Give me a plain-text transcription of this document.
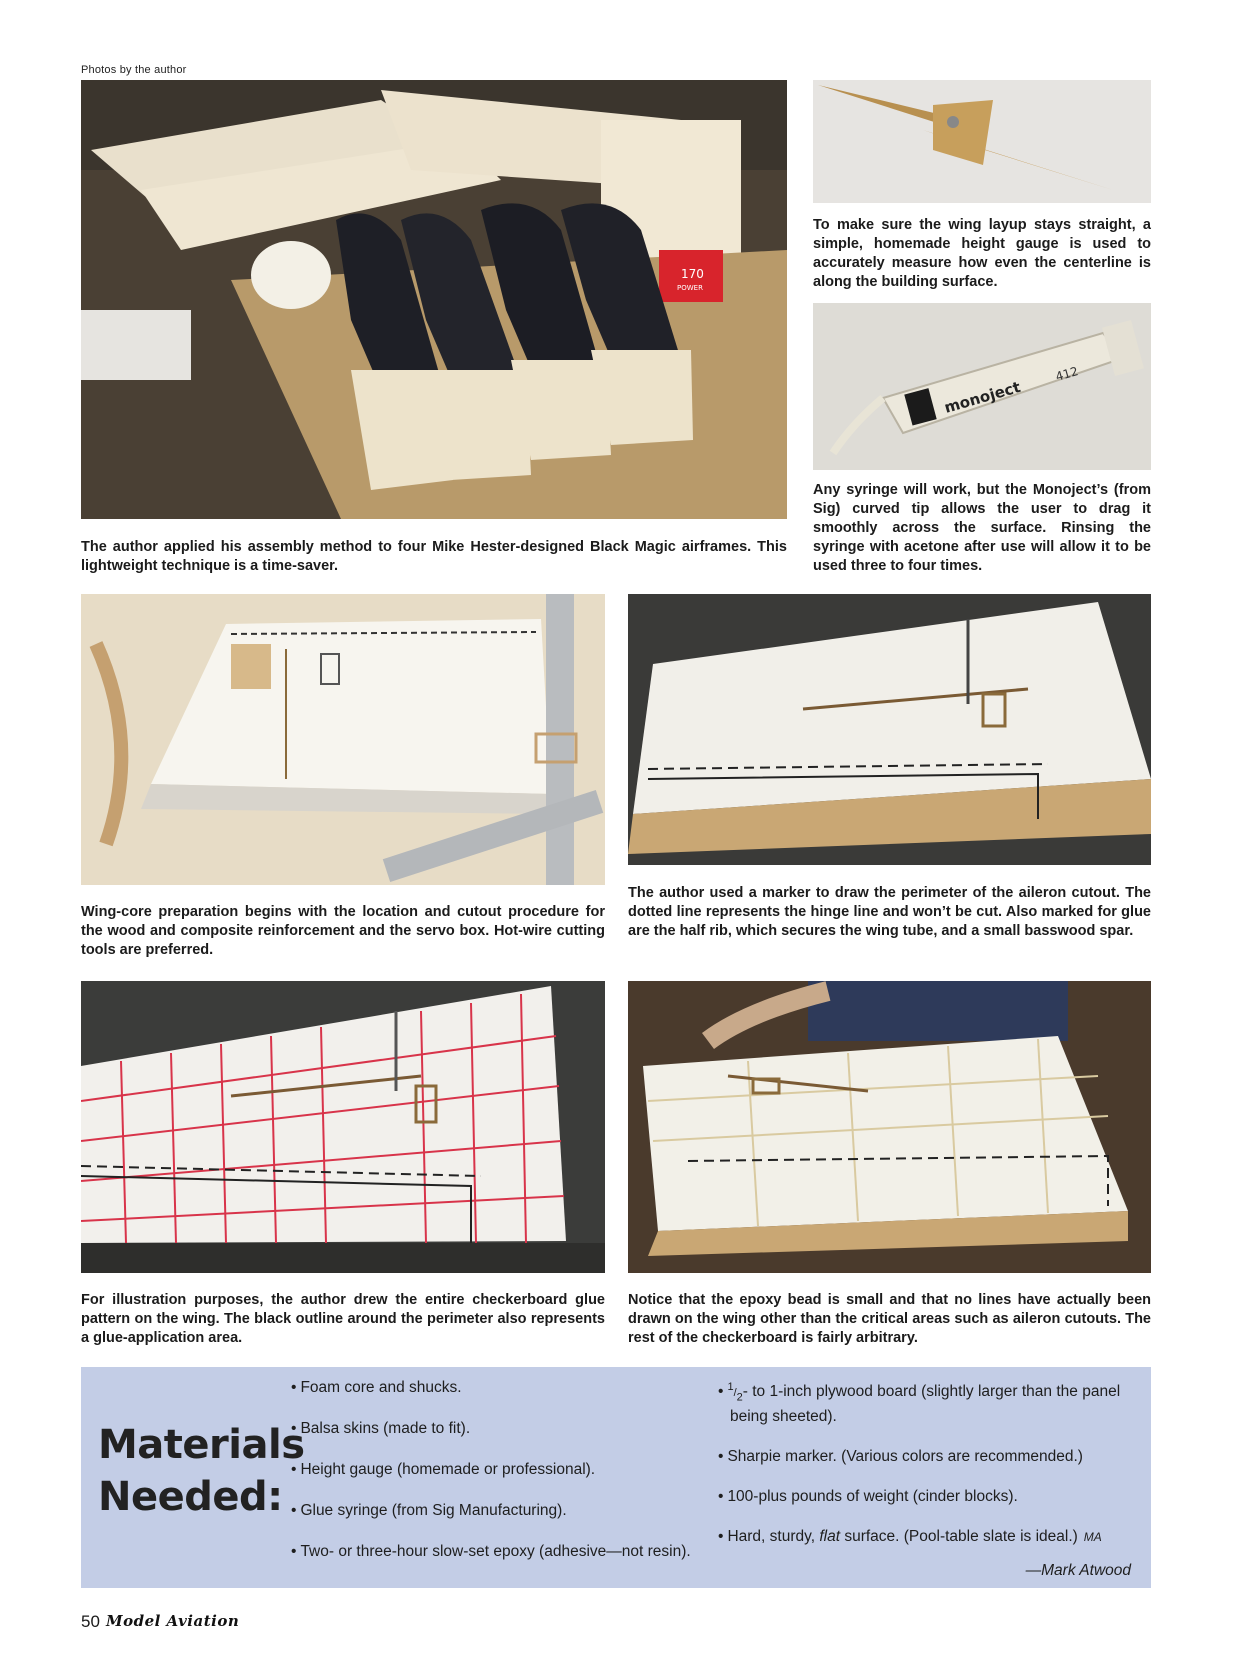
Photos by the author
170
POWER
To make sure the wing layup stays straight, a simple, homemade height gauge is used to accurately measure how even the centerline is along the building surface.
monoject
412
Any syringe will work, but the Monoject’s (from Sig) curved tip allows the user to drag it smoothly across the surface. Rinsing the syringe with acetone after use will allow it to be used three to four times.
The author applied his assembly method to four Mike Hester-designed Black Magic airframes. This lightweight technique is a time-saver.
Wing-core preparation begins with the location and cutout procedure for the wood and composite reinforcement and the servo box. Hot-wire cutting tools are preferred.
The author used a marker to draw the perimeter of the aileron cutout. The dotted line represents the hinge line and won’t be cut. Also marked for glue are the half rib, which secures the wing tube, and a small basswood spar.
For illustration purposes, the author drew the entire checkerboard glue pattern on the wing. The black outline around the perimeter also represents a glue-application area.
Notice that the epoxy bead is small and that no lines have actually been drawn on the wing other than the critical areas such as aileron cutouts. The rest of the checkerboard is fairly arbitrary.
Materials
Needed:
• Foam core and shucks.
• Balsa skins (made to fit).
• Height gauge (homemade or professional).
• Glue syringe (from Sig Manufacturing).
• Two- or three-hour slow-set epoxy (adhesive—not resin).
• $^1/_2-$ to 1-inch plywood board (slightly larger than the panel being sheeted).
• Sharpie marker. (Various colors are recommended.)
• 100-plus pounds of weight (cinder blocks).
• Hard, sturdy, flat surface. (Pool-table slate is ideal.) MA
—Mark Atwood
50 Model Aviation
